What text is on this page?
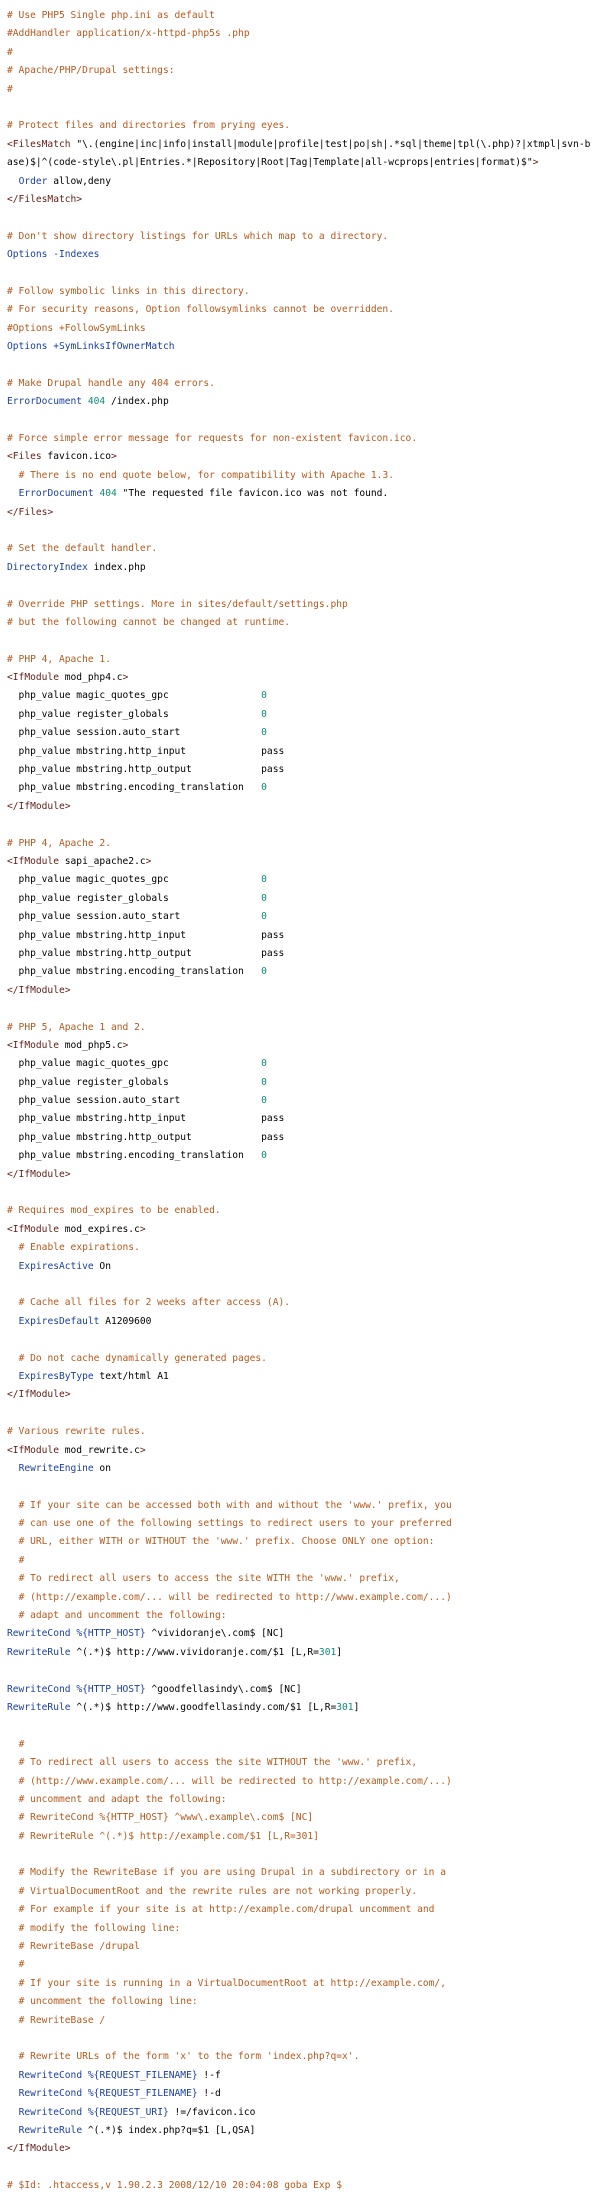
# Use PHP5 Single php.ini as default
#AddHandler application/x-httpd-php5s .php
#
# Apache/PHP/Drupal settings:
#

# Protect files and directories from prying eyes.
<FilesMatch "\.(engine|inc|info|install|module|profile|test|po|sh|.*sql|theme|tpl(\.php)?|xtmpl|svn-base)$|^(code-style\.pl|Entries.*|Repository|Root|Tag|Template|all-wcprops|entries|format)$">
Order allow,deny
</FilesMatch>

# Don't show directory listings for URLs which map to a directory.
Options -Indexes

# Follow symbolic links in this directory.
# For security reasons, Option followsymlinks cannot be overridden.
#Options +FollowSymLinks
Options +SymLinksIfOwnerMatch

# Make Drupal handle any 404 errors.
ErrorDocument 404 /index.php

# Force simple error message for requests for non-existent favicon.ico.
<Files favicon.ico>
# There is no end quote below, for compatibility with Apache 1.3.
ErrorDocument 404 "The requested file favicon.ico was not found.
</Files>

# Set the default handler.
DirectoryIndex index.php

# Override PHP settings. More in sites/default/settings.php
# but the following cannot be changed at runtime.

# PHP 4, Apache 1.
<IfModule mod_php4.c>
php_value magic_quotes_gpc                0
php_value register_globals                0
php_value session.auto_start              0
php_value mbstring.http_input             pass
php_value mbstring.http_output            pass
php_value mbstring.encoding_translation   0
</IfModule>

# PHP 4, Apache 2.
<IfModule sapi_apache2.c>
php_value magic_quotes_gpc                0
php_value register_globals                0
php_value session.auto_start              0
php_value mbstring.http_input             pass
php_value mbstring.http_output            pass
php_value mbstring.encoding_translation   0
</IfModule>

# PHP 5, Apache 1 and 2.
<IfModule mod_php5.c>
php_value magic_quotes_gpc                0
php_value register_globals                0
php_value session.auto_start              0
php_value mbstring.http_input             pass
php_value mbstring.http_output            pass
php_value mbstring.encoding_translation   0
</IfModule>

# Requires mod_expires to be enabled.
<IfModule mod_expires.c>
# Enable expirations.
ExpiresActive On

# Cache all files for 2 weeks after access (A).
ExpiresDefault A1209600

# Do not cache dynamically generated pages.
ExpiresByType text/html A1
</IfModule>

# Various rewrite rules.
<IfModule mod_rewrite.c>
RewriteEngine on

# If your site can be accessed both with and without the 'www.' prefix, you
# can use one of the following settings to redirect users to your preferred
# URL, either WITH or WITHOUT the 'www.' prefix. Choose ONLY one option:
#
# To redirect all users to access the site WITH the 'www.' prefix,
# (http://example.com/... will be redirected to http://www.example.com/...)
# adapt and uncomment the following:
RewriteCond %{HTTP_HOST} ^vividoranje\.com$ [NC]
RewriteRule ^(.*)$ http://www.vividoranje.com/$1 [L,R=301]

RewriteCond %{HTTP_HOST} ^goodfellasindy\.com$ [NC]
RewriteRule ^(.*)$ http://www.goodfellasindy.com/$1 [L,R=301]

#
# To redirect all users to access the site WITHOUT the 'www.' prefix,
# (http://www.example.com/... will be redirected to http://example.com/...)
# uncomment and adapt the following:
# RewriteCond %{HTTP_HOST} ^www\.example\.com$ [NC]
# RewriteRule ^(.*)$ http://example.com/$1 [L,R=301]

# Modify the RewriteBase if you are using Drupal in a subdirectory or in a
# VirtualDocumentRoot and the rewrite rules are not working properly.
# For example if your site is at http://example.com/drupal uncomment and
# modify the following line:
# RewriteBase /drupal
#
# If your site is running in a VirtualDocumentRoot at http://example.com/,
# uncomment the following line:
# RewriteBase /

# Rewrite URLs of the form 'x' to the form 'index.php?q=x'.
RewriteCond %{REQUEST_FILENAME} !-f
RewriteCond %{REQUEST_FILENAME} !-d
RewriteCond %{REQUEST_URI} !=/favicon.ico
RewriteRule ^(.*)$ index.php?q=$1 [L,QSA]
</IfModule>

# $Id: .htaccess,v 1.90.2.3 2008/12/10 20:04:08 goba Exp $
